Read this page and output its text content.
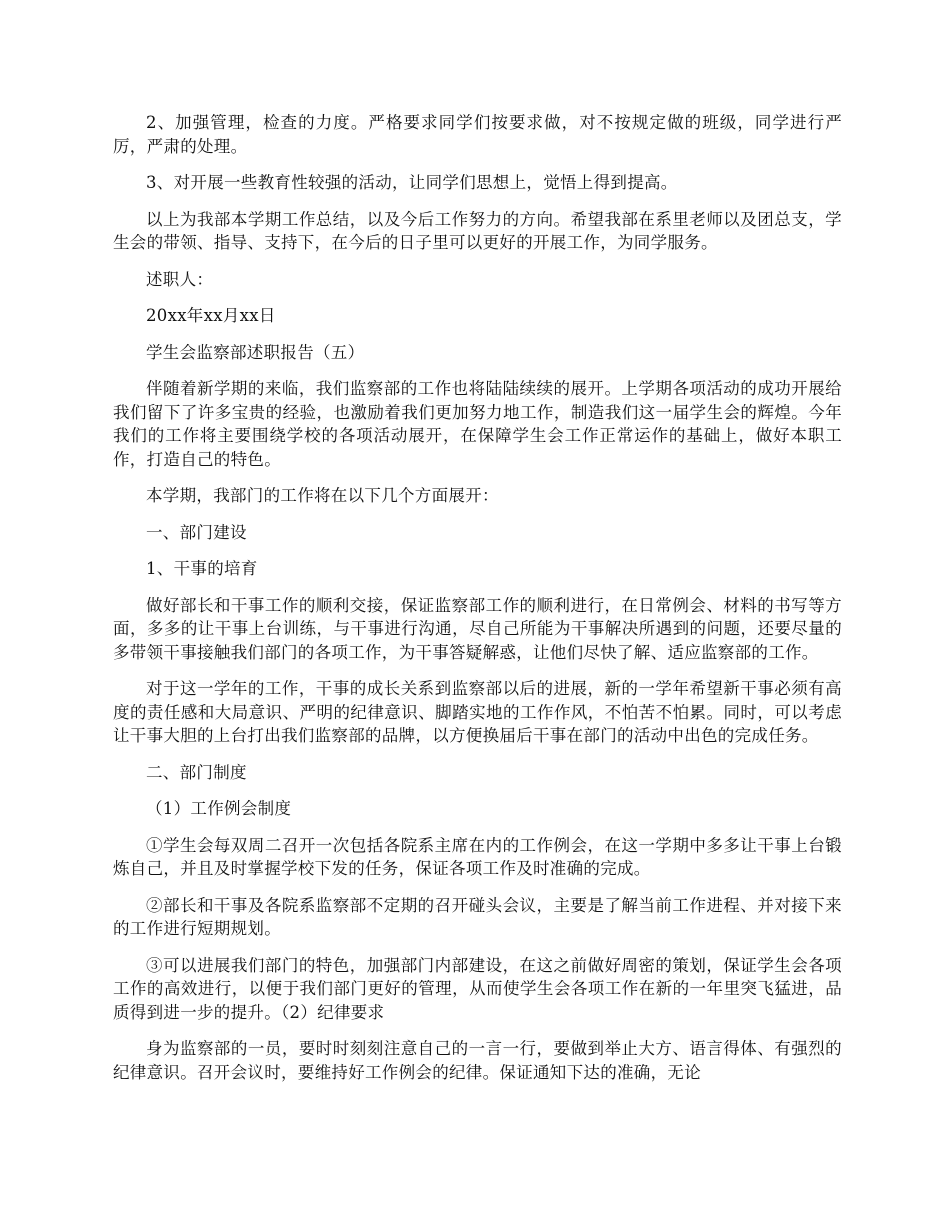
2、加强管理，检查的力度。严格要求同学们按要求做，对不按规定做的班级，同学进行严厉，严肃的处理。

3、对开展一些教育性较强的活动，让同学们思想上，觉悟上得到提高。

以上为我部本学期工作总结，以及今后工作努力的方向。希望我部在系里老师以及团总支，学生会的带领、指导、支持下，在今后的日子里可以更好的开展工作，为同学服务。

述职人：

20xx年xx月xx日

学生会监察部述职报告（五）

伴随着新学期的来临，我们监察部的工作也将陆陆续续的展开。上学期各项活动的成功开展给我们留下了许多宝贵的经验，也激励着我们更加努力地工作，制造我们这一届学生会的辉煌。今年我们的工作将主要围绕学校的各项活动展开，在保障学生会工作正常运作的基础上，做好本职工作，打造自己的特色。

本学期，我部门的工作将在以下几个方面展开：

一、部门建设

1、干事的培育

做好部长和干事工作的顺利交接，保证监察部工作的顺利进行，在日常例会、材料的书写等方面，多多的让干事上台训练，与干事进行沟通，尽自己所能为干事解决所遇到的问题，还要尽量的多带领干事接触我们部门的各项工作，为干事答疑解惑，让他们尽快了解、适应监察部的工作。

对于这一学年的工作，干事的成长关系到监察部以后的进展，新的一学年希望新干事必须有高度的责任感和大局意识、严明的纪律意识、脚踏实地的工作作风，不怕苦不怕累。同时，可以考虑让干事大胆的上台打出我们监察部的品牌，以方便换届后干事在部门的活动中出色的完成任务。

二、部门制度

（1）工作例会制度

①学生会每双周二召开一次包括各院系主席在内的工作例会，在这一学期中多多让干事上台锻炼自己，并且及时掌握学校下发的任务，保证各项工作及时准确的完成。

②部长和干事及各院系监察部不定期的召开碰头会议，主要是了解当前工作进程、并对接下来的工作进行短期规划。

③可以进展我们部门的特色，加强部门内部建设，在这之前做好周密的策划，保证学生会各项工作的高效进行，以便于我们部门更好的管理，从而使学生会各项工作在新的一年里突飞猛进，品质得到进一步的提升。（2）纪律要求

身为监察部的一员，要时时刻刻注意自己的一言一行，要做到举止大方、语言得体、有强烈的纪律意识。召开会议时，要维持好工作例会的纪律。保证通知下达的准确，无论
